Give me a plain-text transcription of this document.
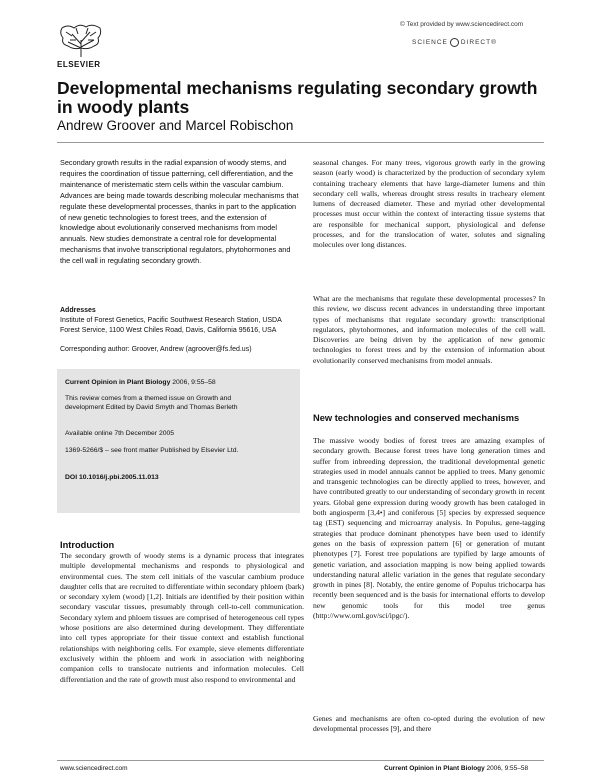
ELSEVIER
© Text provided by www.sciencedirect.com
SCIENCE DIRECT®
Developmental mechanisms regulating secondary growth in woody plants
Andrew Groover and Marcel Robischon
Secondary growth results in the radial expansion of woody stems, and requires the coordination of tissue patterning, cell differentiation, and the maintenance of meristematic stem cells within the vascular cambium. Advances are being made towards describing molecular mechanisms that regulate these developmental processes, thanks in part to the application of new genetic technologies to forest trees, and the extension of knowledge about evolutionarily conserved mechanisms from model annuals. New studies demonstrate a central role for developmental mechanisms that involve transcriptional regulators, phytohormones and the cell wall in regulating secondary growth.
Addresses
Institute of Forest Genetics, Pacific Southwest Research Station, USDA Forest Service, 1100 West Chiles Road, Davis, California 95616, USA
Corresponding author: Groover, Andrew (agroover@fs.fed.us)
Current Opinion in Plant Biology 2006, 9:55–58
This review comes from a themed issue on Growth and development Edited by David Smyth and Thomas Berleth
Available online 7th December 2005
1369-5266/$ – see front matter Published by Elsevier Ltd.
DOI 10.1016/j.pbi.2005.11.013
Introduction
The secondary growth of woody stems is a dynamic process that integrates multiple developmental mechanisms and responds to physiological and environmental cues. The stem cell initials of the vascular cambium produce daughter cells that are recruited to differentiate within secondary phloem (bark) or secondary xylem (wood) [1,2]. Initials are identified by their position within secondary vascular tissues, presumably through cell-to-cell communication. Secondary xylem and phloem tissues are comprised of heterogeneous cell types whose positions are also determined during development. They differentiate into cell types appropriate for their tissue context and establish functional relationships with neighboring cells. For example, sieve elements differentiate exclusively within the phloem and work in association with neighboring companion cells to translocate nutrients and information molecules. Cell differentiation and the rate of growth must also respond to environmental and
seasonal changes. For many trees, vigorous growth early in the growing season (early wood) is characterized by the production of secondary xylem containing tracheary elements that have large-diameter lumens and thin secondary cell walls, whereas drought stress results in tracheary element lumens of decreased diameter. These and myriad other developmental processes must occur within the context of interacting tissue systems that are responsible for mechanical support, physiological and defense processes, and for the translocation of water, solutes and signaling molecules over long distances.
What are the mechanisms that regulate these developmental processes? In this review, we discuss recent advances in understanding three important types of mechanisms that regulate secondary growth: transcriptional regulators, phytohormones, and information molecules of the cell wall. Discoveries are being driven by the application of new genomic technologies to forest trees and by the extension of information about evolutionarily conserved mechanisms from model annuals.
New technologies and conserved mechanisms
The massive woody bodies of forest trees are amazing examples of secondary growth. Because forest trees have long generation times and suffer from inbreeding depression, the traditional developmental genetic strategies used in model annuals cannot be applied to trees. Many genomic and transgenic technologies can be directly applied to trees, however, and have contributed greatly to our understanding of secondary growth in recent years. Global gene expression during woody growth has been cataloged in both angiosperm [3,4•] and coniferous [5] species by expressed sequence tag (EST) sequencing and microarray analysis. In Populus, gene-tagging strategies that produce dominant phenotypes have been used to identify genes on the basis of expression pattern [6] or generation of mutant phenotypes [7]. Forest tree populations are typified by large amounts of genetic variation, and association mapping is now being applied towards understanding natural allelic variation in the genes that regulate secondary growth in pines [8]. Notably, the entire genome of Populus trichocarpa has recently been sequenced and is the basis for international efforts to develop new genomic tools for this model tree genus (http://www.ornl.gov/sci/ipgc/).
Genes and mechanisms are often co-opted during the evolution of new developmental processes [9], and there
www.sciencedirect.com	Current Opinion in Plant Biology 2006, 9:55–58
